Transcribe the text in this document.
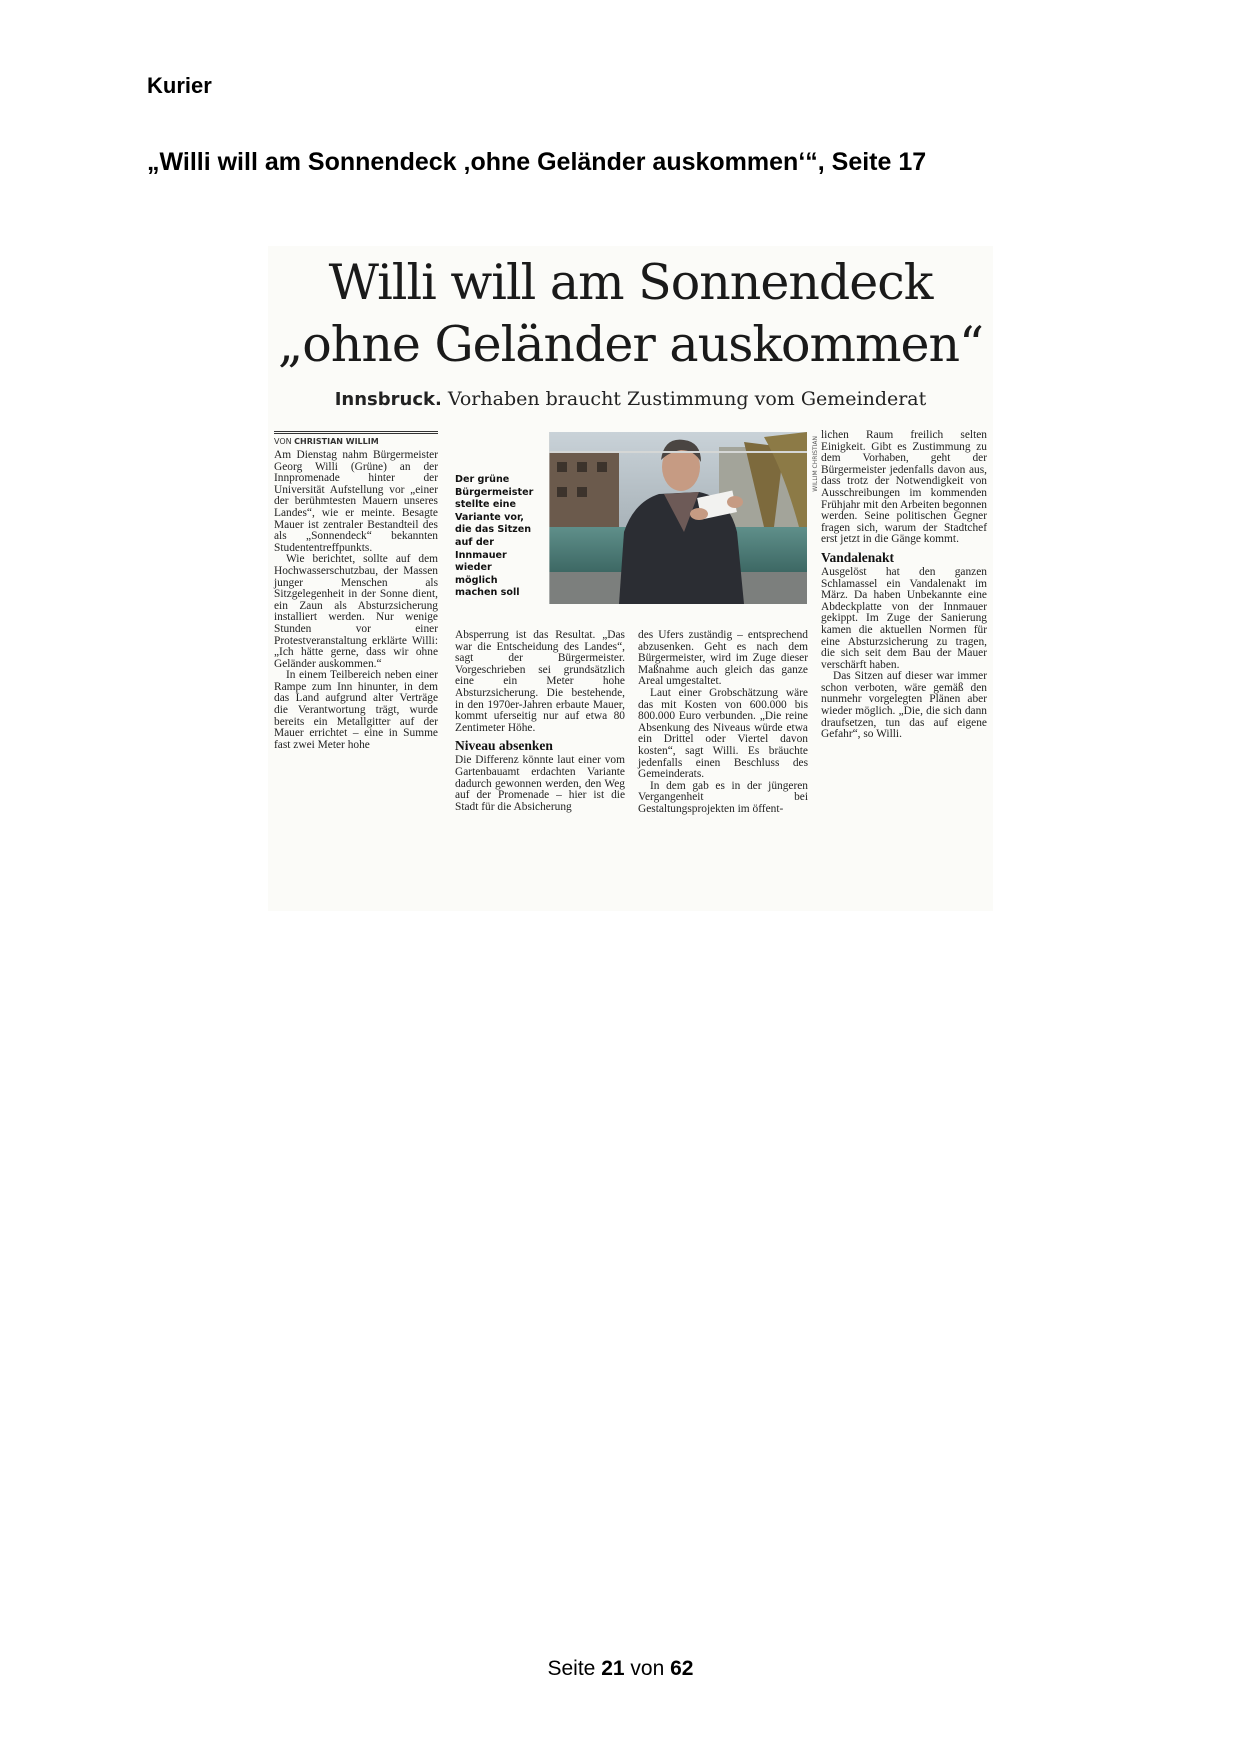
Kurier
„Willi will am Sonnendeck ‚ohne Geländer auskommen‘“, Seite 17
Willi will am Sonnendeck
„ohne Geländer auskommen“
Innsbruck. Vorhaben braucht Zustimmung vom Gemeinderat
VON CHRISTIAN WILLIM

Am Dienstag nahm Bürgermeister Georg Willi (Grüne) an der Innpromenade hinter der Universität Aufstellung vor „einer der berühmtesten Mauern unseres Landes“, wie er meinte. Besagte Mauer ist zentraler Bestandteil des als „Sonnendeck“ bekannten Studententreffpunkts.

Wie berichtet, sollte auf dem Hochwasserschutzbau, der Massen junger Menschen als Sitzgelegenheit in der Sonne dient, ein Zaun als Absturzsicherung installiert werden. Nur wenige Stunden vor einer Protestveranstaltung erklärte Willi: „Ich hätte gerne, dass wir ohne Geländer auskommen.“

In einem Teilbereich neben einer Rampe zum Inn hinunter, in dem das Land aufgrund alter Verträge die Verantwortung trägt, wurde bereits ein Metallgitter auf der Mauer errichtet – eine in Summe fast zwei Meter hohe

Der grüne Bürgermeister stellte eine Variante vor, die das Sitzen auf der Innmauer wieder möglich machen soll
WILLIM CHRISTIAN

Absperrung ist das Resultat. „Das war die Entscheidung des Landes“, sagt der Bürgermeister. Vorgeschrieben sei grundsätzlich eine ein Meter hohe Absturzsicherung. Die bestehende, in den 1970er-Jahren erbaute Mauer, kommt uferseitig nur auf etwa 80 Zentimeter Höhe.

Niveau absenken

Die Differenz könnte laut einer vom Gartenbauamt erdachten Variante dadurch gewonnen werden, den Weg auf der Promenade – hier ist die Stadt für die Absicherung

des Ufers zuständig – entsprechend abzusenken. Geht es nach dem Bürgermeister, wird im Zuge dieser Maßnahme auch gleich das ganze Areal umgestaltet.

Laut einer Grobschätzung wäre das mit Kosten von 600.000 bis 800.000 Euro verbunden. „Die reine Absenkung des Niveaus würde etwa ein Drittel oder Viertel davon kosten“, sagt Willi. Es bräuchte jedenfalls einen Beschluss des Gemeinderats.

In dem gab es in der jüngeren Vergangenheit bei Gestaltungsprojekten im öffent-

lichen Raum freilich selten Einigkeit. Gibt es Zustimmung zu dem Vorhaben, geht der Bürgermeister jedenfalls davon aus, dass trotz der Notwendigkeit von Ausschreibungen im kommenden Frühjahr mit den Arbeiten begonnen werden. Seine politischen Gegner fragen sich, warum der Stadtchef erst jetzt in die Gänge kommt.

Vandalenakt

Ausgelöst hat den ganzen Schlamassel ein Vandalenakt im März. Da haben Unbekannte eine Abdeckplatte von der Innmauer gekippt. Im Zuge der Sanierung kamen die aktuellen Normen für eine Absturzsicherung zu tragen, die sich seit dem Bau der Mauer verschärft haben.

Das Sitzen auf dieser war immer schon verboten, wäre gemäß den nunmehr vorgelegten Plänen aber wieder möglich. „Die, die sich dann draufsetzen, tun das auf eigene Gefahr“, so Willi.

Seite 21 von 62
